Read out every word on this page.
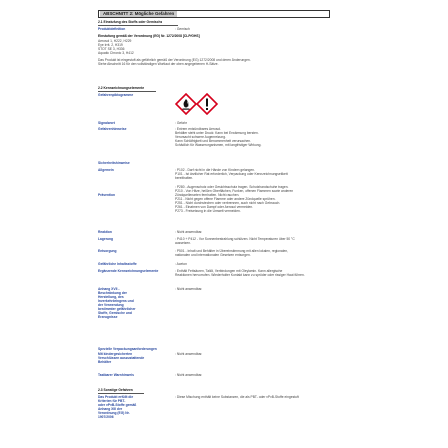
ABSCHNITT 2: Mögliche Gefahren
2.1 Einstufung des Stoffs oder Gemischs
Produktdefinition	: Gemisch
Einstufung gemäß der Verordnung (EG) Nr. 1272/2008 [CLP/GHS]
Aerosol 1, H222, H229
Eye Irrit. 2, H319
STOT SE 3, H336
Aquatic Chronic 3, H412
Das Produkt ist eingestuft als gefährlich gemäß der Verordnung (EG) 1272/2008 und deren Änderungen.
Siehe Abschnitt 16 für den vollständigen Wortlaut der oben angegebenen H-Sätze.
2.2 Kennzeichnungselemente
Gefahrenpiktogramme
Signalwort	: Gefahr
Gefahrenhinweise	: Extrem entzündbares Aerosol.
Behälter steht unter Druck: Kann bei Erwärmung bersten.
Verursacht schwere Augenreizung.
Kann Schläfrigkeit und Benommenheit verursachen.
Schädlich für Wasserorganismen, mit langfristiger Wirkung.
Sicherheitshinweise
Allgemein	: P102 - Darf nicht in die Hände von Kindern gelangen.
P101 - Ist ärztlicher Rat erforderlich, Verpackung oder Kennzeichnungsetikett
bereithalten.
Prävention
: P280 - Augenschutz oder Gesichtsschutz tragen. Schutzhandschuhe tragen.
P210 - Von Hitze, heißen Oberflächen, Funken, offenen Flammen sowie anderen
Zündquellenarten fernhalten. Nicht rauchen.
P211 - Nicht gegen offene Flamme oder andere Zündquelle sprühen.
P251 - Nicht durchstechen oder verbrennen, auch nicht nach Gebrauch.
P261 - Einatmen von Dampf oder Aerosol vermeiden.
P273 - Freisetzung in die Umwelt vermeiden.
Reaktion	: Nicht anwendbar.
Lagerung	: P410 + P412 - Vor Sonnenbestrahlung schützen. Nicht Temperaturen über 50 °C
aussetzen.
Entsorgung	: P501 - Inhalt und Behälter in Übereinstimmung mit allen lokalen, regionalen,
nationalen und internationalen Gesetzen entsorgen.
Gefährliche Inhaltsstoffe	: Aceton
Ergänzende Kennzeichnungselemente	: Enthält Fettsäuren, Tallöl, Verbindungen mit Oleylamin. Kann allergische
Reaktionen hervorrufen. Wiederholter Kontakt kann zu spröder oder rissiger Haut führen.
Anhang XVII -
Beschränkung der
Herstellung, des
Inverkehrbringens und
der Verwendung
bestimmter gefährlicher
Stoffe, Gemische und
Erzeugnisse
: Nicht anwendbar.
Spezielle Verpackungsanforderungen
Mit kindergesicherten
Verschlüssen auszustattende
Behälter
: Nicht anwendbar.
Tastbarer Warnhinweis	: Nicht anwendbar.
2.3 Sonstige Gefahren
Das Produkt erfüllt die
Kriterien für PBT-
oder vPvB-Stoffe gemäß
Anhang XIII der
Verordnung (EG) Nr.
1907/2006
: Diese Mischung enthält keine Substanzen, die als PBT- oder vPvB-Stoffe eingestuft
